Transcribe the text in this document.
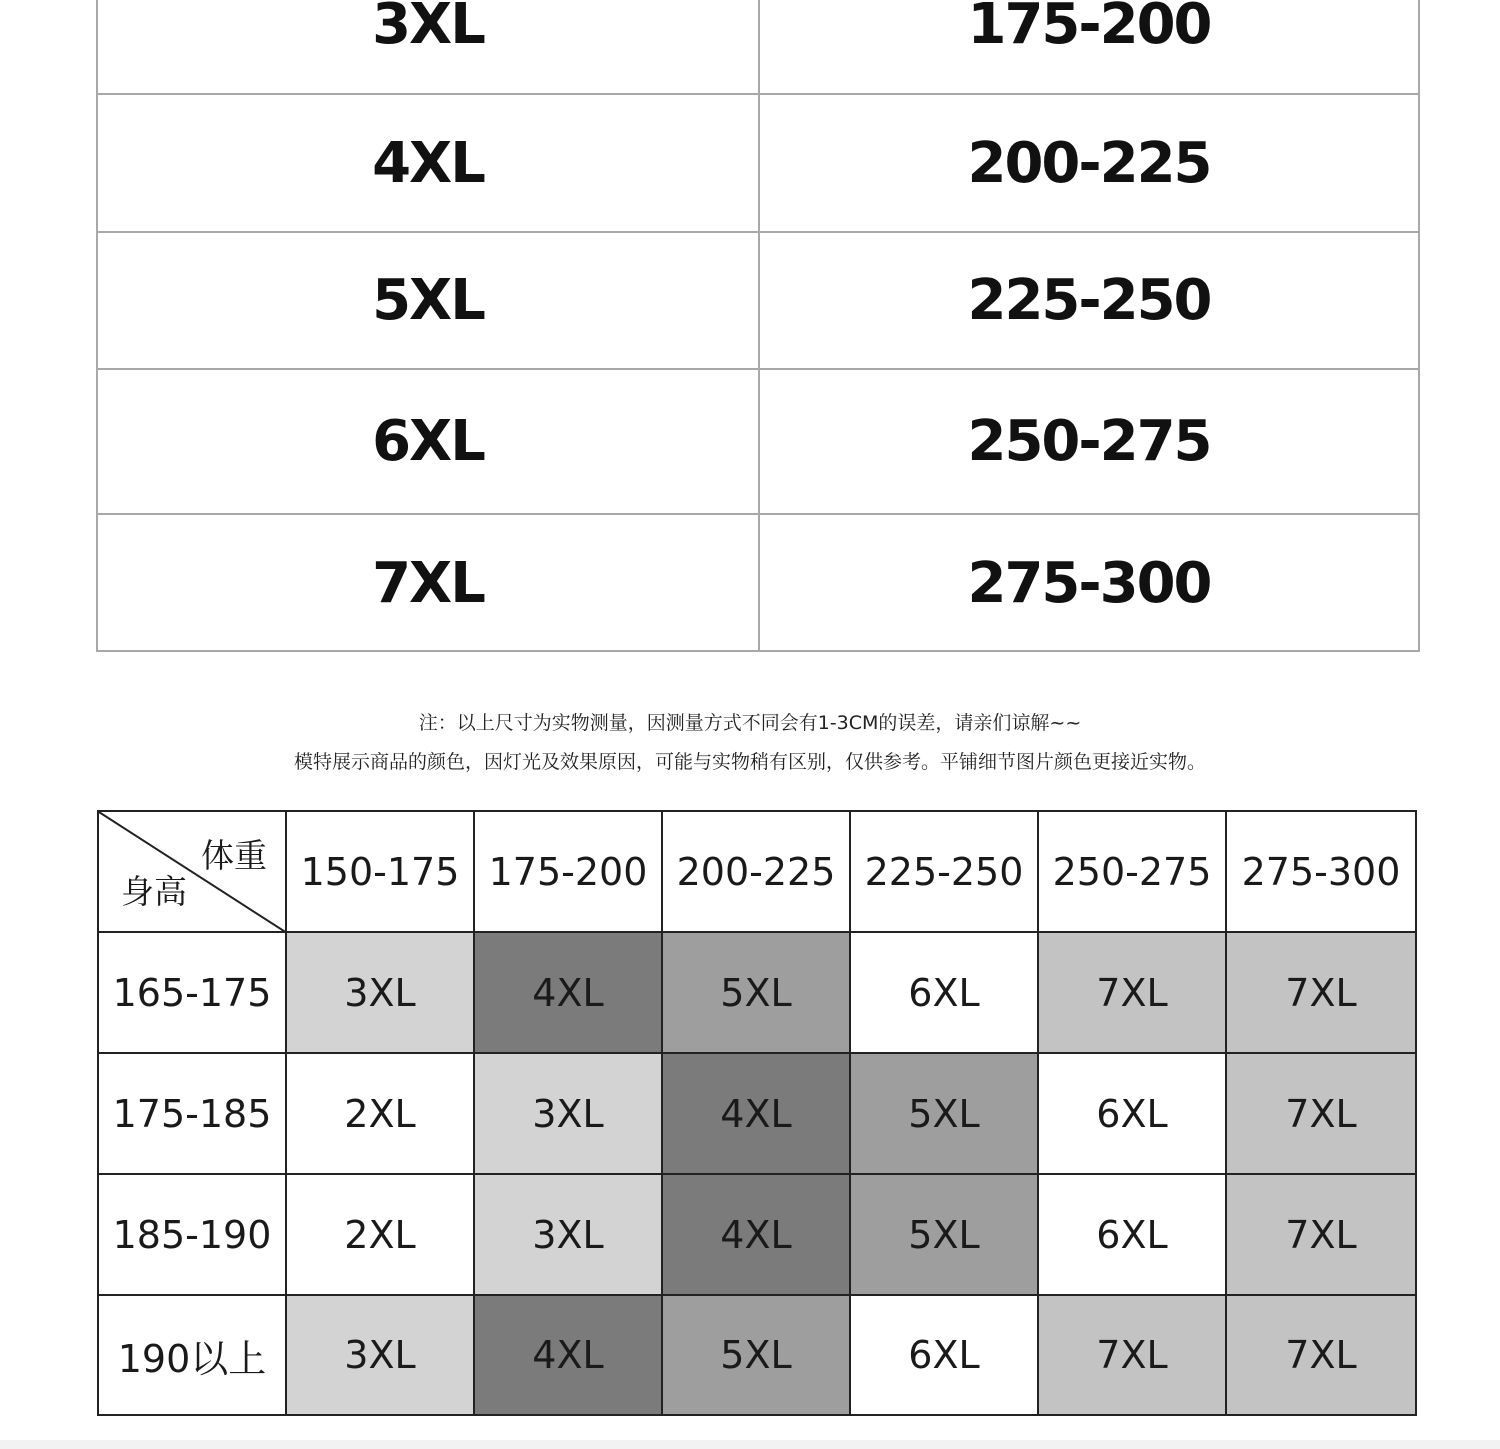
3XL	175-200
4XL	200-225
5XL	225-250
6XL	250-275
7XL	275-300
注：以上尺寸为实物测量，因测量方式不同会有1-3CM的误差，请亲们谅解~~
模特展示商品的颜色，因灯光及效果原因，可能与实物稍有区别，仅供参考。平铺细节图片颜色更接近实物。
体重
身高	150-175	175-200	200-225	225-250	250-275	275-300
165-175	3XL	4XL	5XL	6XL	7XL	7XL
175-185	2XL	3XL	4XL	5XL	6XL	7XL
185-190	2XL	3XL	4XL	5XL	6XL	7XL
190以上	3XL	4XL	5XL	6XL	7XL	7XL
